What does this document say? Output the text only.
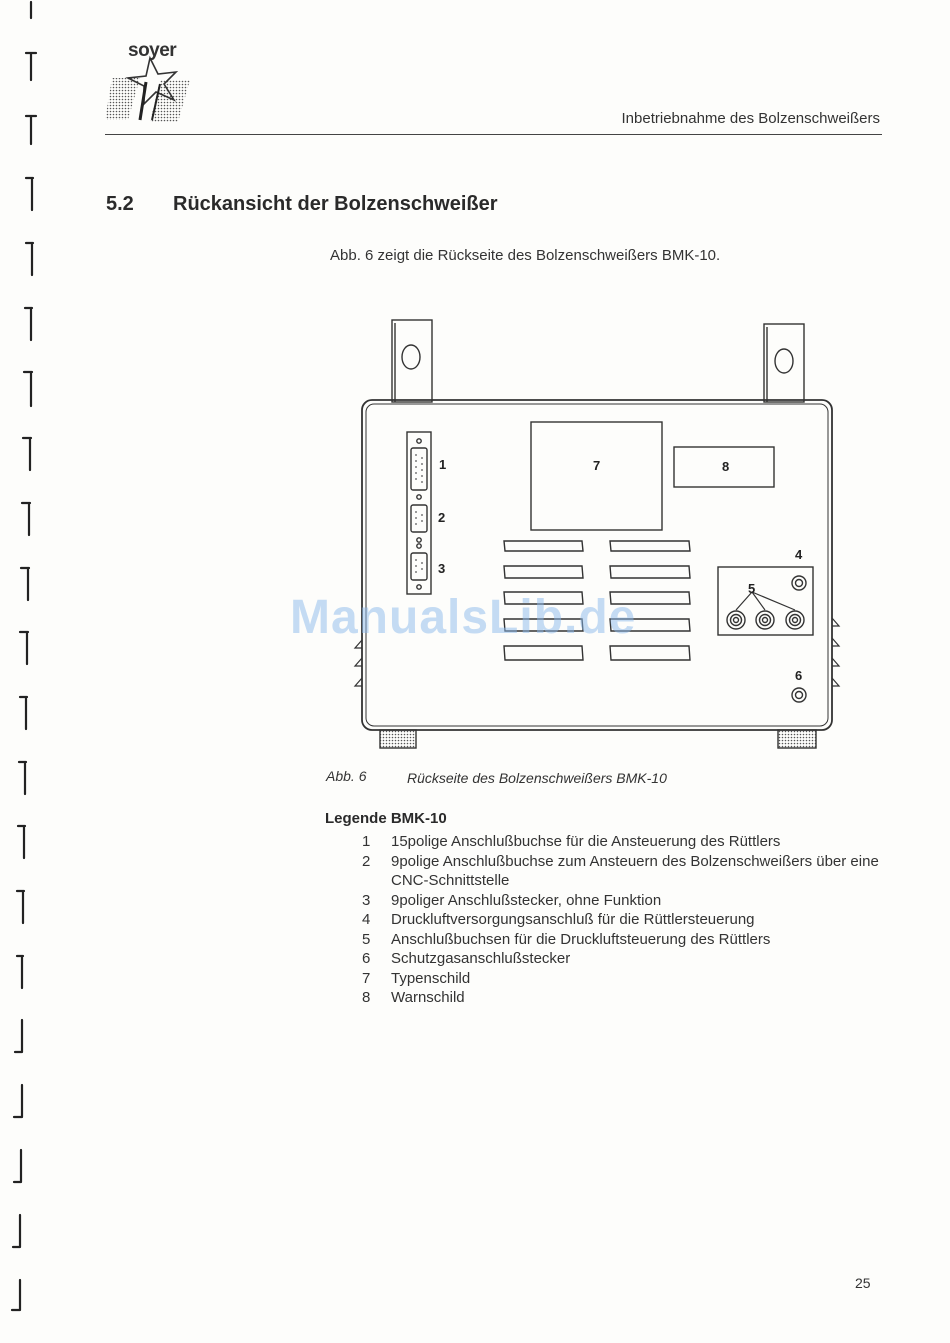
soyer
Inbetriebnahme des Bolzenschweißers
5.2 Rückansicht der Bolzenschweißer
Abb. 6 zeigt die Rückseite des Bolzenschweißers BMK-10.
1
2
3
4
5
6
7	8
ManualsLib.de
Abb. 6	Rückseite des Bolzenschweißers BMK-10
Legende BMK-10
1	15polige Anschlußbuchse für die Ansteuerung des Rüttlers
2	9polige Anschlußbuchse zum Ansteuern des Bolzenschweißers über eine CNC-Schnittstelle
3	9poliger Anschlußstecker, ohne Funktion
4	Druckluftversorgungsanschluß für die Rüttlersteuerung
5	Anschlußbuchsen für die Druckluftsteuerung des Rüttlers
6	Schutzgasanschlußstecker
7	Typenschild
8	Warnschild
25
